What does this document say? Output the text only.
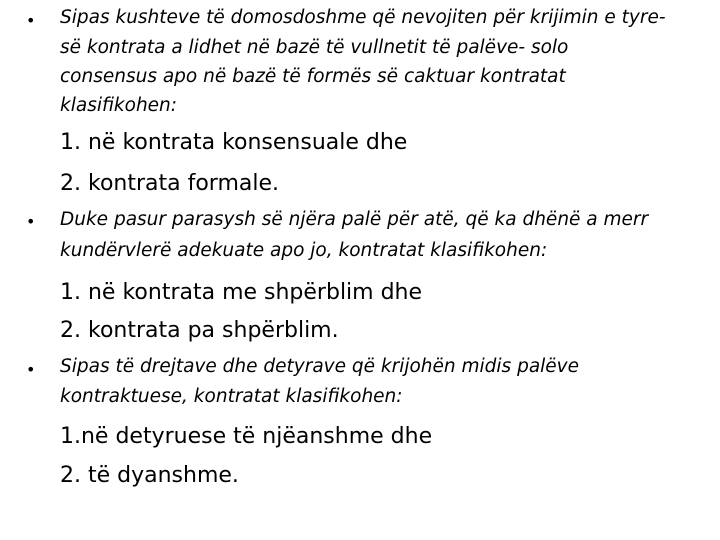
• Sipas kushteve të domosdoshme që nevojiten për krijimin e tyre-
së kontrata a lidhet në bazë të vullnetit të palëve- solo
consensus apo në bazë të formës së caktuar kontratat
klasifikohen:
1. në kontrata konsensuale dhe
2. kontrata formale.
• Duke pasur parasysh së njëra palë për atë, që ka dhënë a merr
kundërvlerë adekuate apo jo, kontratat klasifikohen:
1. në kontrata me shpërblim dhe
2. kontrata pa shpërblim.
• Sipas të drejtave dhe detyrave që krijohën midis palëve
kontraktuese, kontratat klasifikohen:
1.në detyruese të njëanshme dhe
2. të dyanshme.
